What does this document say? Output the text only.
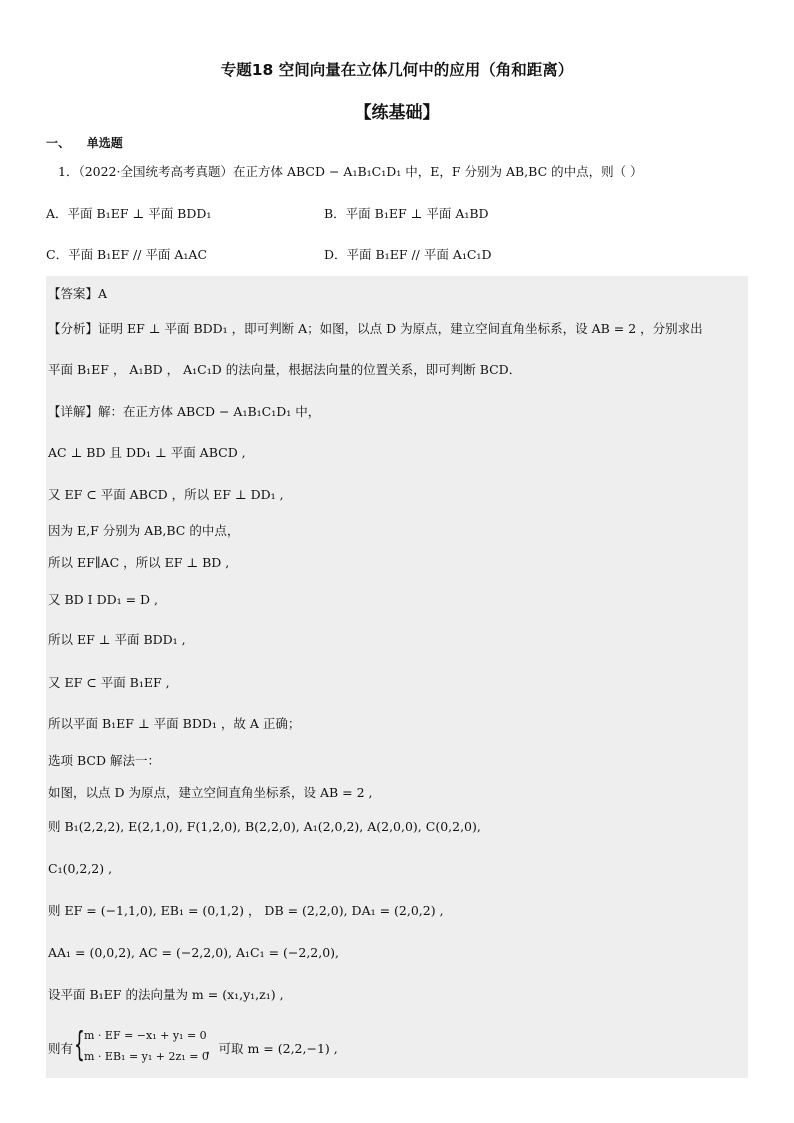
专题18 空间向量在立体几何中的应用（角和距离）
【练基础】
一、    单选题
1．（2022·全国统考高考真题）在正方体 ABCD − A₁B₁C₁D₁ 中，E，F 分别为 AB,BC 的中点，则（ ）
A．平面 B₁EF ⊥ 平面 BDD₁	B．平面 B₁EF ⊥ 平面 A₁BD
C．平面 B₁EF // 平面 A₁AC	D．平面 B₁EF // 平面 A₁C₁D
【答案】A
【分析】证明 EF ⊥ 平面 BDD₁ ，即可判断 A；如图，以点 D 为原点，建立空间直角坐标系，设 AB = 2 ，分别求出
平面 B₁EF ， A₁BD ， A₁C₁D 的法向量，根据法向量的位置关系，即可判断 BCD．
【详解】解：在正方体 ABCD − A₁B₁C₁D₁ 中，
AC ⊥ BD 且 DD₁ ⊥ 平面 ABCD ,
又 EF ⊂ 平面 ABCD ，所以 EF ⊥ DD₁ ,
因为 E,F 分别为 AB,BC 的中点，
所以 EF∥AC ，所以 EF ⊥ BD ,
又 BD I DD₁ = D ,
所以 EF ⊥ 平面 BDD₁ ,
又 EF ⊂ 平面 B₁EF ,
所以平面 B₁EF ⊥ 平面 BDD₁ ，故 A 正确；
选项 BCD 解法一：
如图，以点 D 为原点，建立空间直角坐标系，设 AB = 2 ,
则 B₁(2,2,2), E(2,1,0), F(1,2,0), B(2,2,0), A₁(2,0,2), A(2,0,0), C(0,2,0),
C₁(0,2,2) ,
则 EF = (−1,1,0), EB₁ = (0,1,2) ， DB = (2,2,0), DA₁ = (2,0,2) ,
AA₁ = (0,0,2), AC = (−2,2,0), A₁C₁ = (−2,2,0),
设平面 B₁EF 的法向量为 m = (x₁,y₁,z₁) ,
则有 { m · EF = −x₁ + y₁ = 0
m · EB₁ = y₁ + 2z₁ = 0
，可取 m = (2,2,−1) ,
